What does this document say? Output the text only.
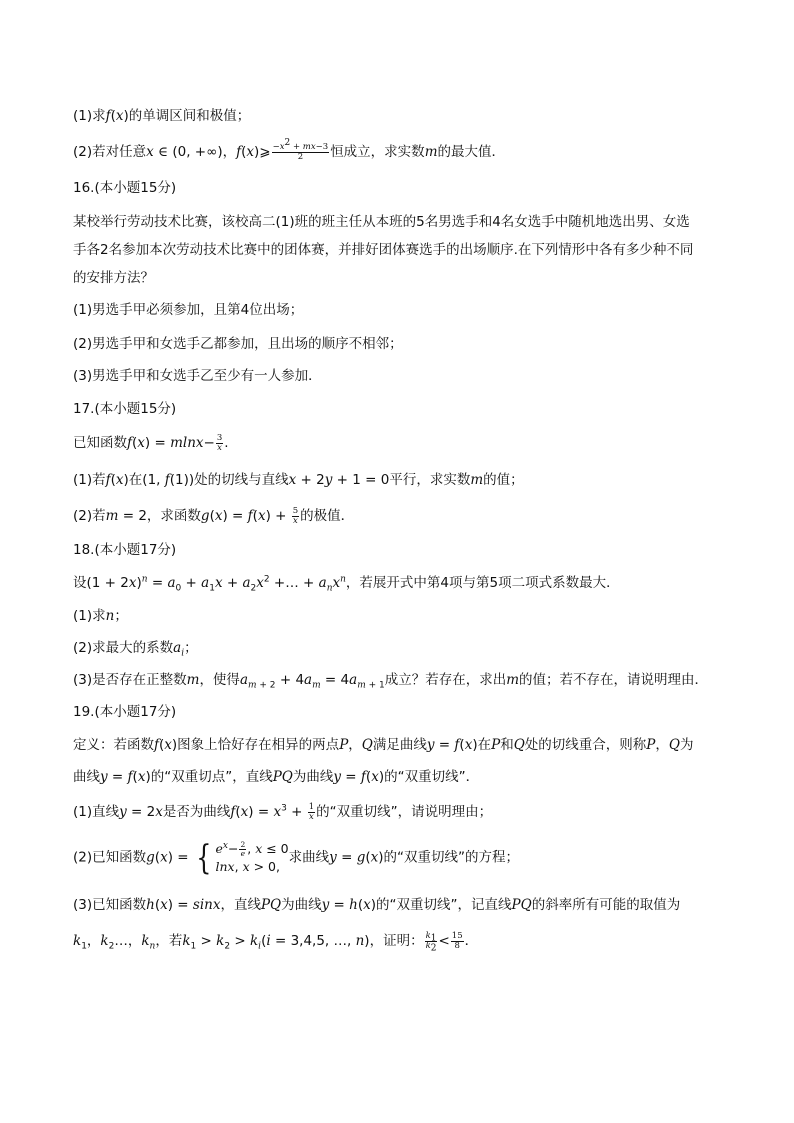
(1)求f(x)的单调区间和极值；
(2)若对任意x ∈ (0, +∞)，f(x)⩾ $\frac{-x^2 + mx-3}{2}$ 恒成立，求实数m的最大值．
16.(本小题15分)
某校举行劳动技术比赛，该校高二(1)班的班主任从本班的5名男选手和4名女选手中随机地选出男、女选
手各2名参加本次劳动技术比赛中的团体赛，并排好团体赛选手的出场顺序.在下列情形中各有多少种不同
的安排方法？
(1)男选手甲必须参加，且第4位出场；
(2)男选手甲和女选手乙都参加，且出场的顺序不相邻；
(3)男选手甲和女选手乙至少有一人参加．
17.(本小题15分)
已知函数$f(x) = mlnx- \frac{3}{x}$ .
(1)若f(x)在(1, f(1))处的切线与直线x + 2y + 1 = 0平行，求实数m的值；
(2)若m = 2，求函数$g(x) = f(x) + \frac{5}{x}$ 的极值．
18.(本小题17分)
设$(1 + 2x)^n = a_0 + a_1x + a_2x^2$ +… + $a_nx^n$，若展开式中第4项与第5项二项式系数最大．
(1)求n；
(2)求最大的系数$a_i$；
(3)是否存在正整数m，使得$a_{m + 2} + 4a_m = 4a_{m + 1}$成立？若存在，求出m的值；若不存在，请说明理由．
19.(本小题17分)
定义：若函数f(x)图象上恰好存在相异的两点P，Q满足曲线y = f(x)在P和Q处的切线重合，则称P，Q为
曲线y = f(x)的“双重切点”，直线PQ为曲线y = f(x)的“双重切线”．
(1)直线y = 2x是否为曲线$f(x) = x^3 + \frac{1}{x}$ 的“双重切线”，请说明理由；
(2)已知函数g(x) = { $e^x- \frac{2}{e}$ , x ≤ 0
lnx, x > 0,
求曲线y = g(x)的“双重切线”的方程；
(3)已知函数h(x) = sinx，直线PQ为曲线y = h(x)的“双重切线”，记直线PQ的斜率所有可能的取值为
$k_1$，$k_2\dots$，$k_n$，若$k_1 > k_2 > k_i(i = 3,4,5$, …, n)，证明： $\frac{k_1}{k_2} < \frac{15}{8}$ ．
